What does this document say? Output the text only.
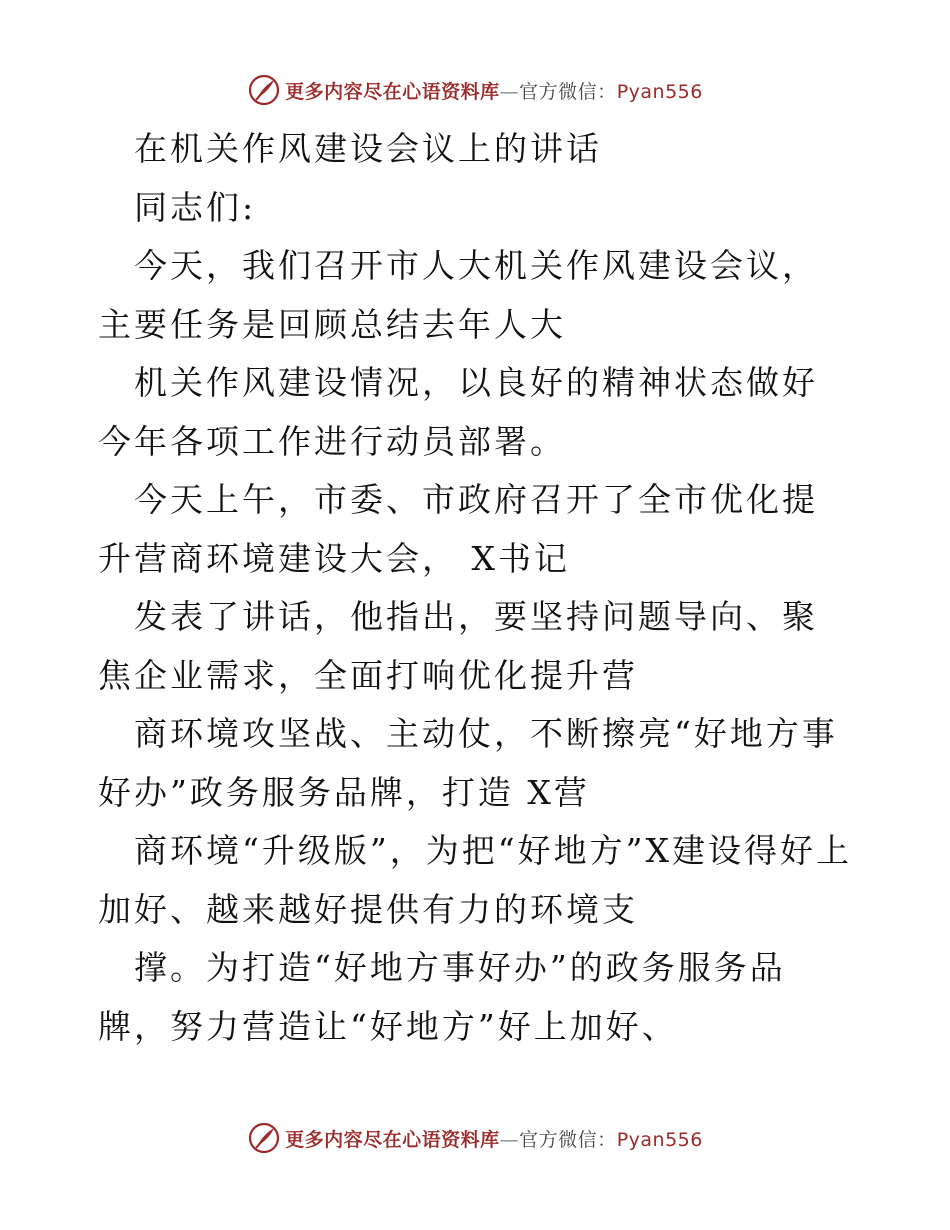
更多内容尽在心语资料库—官方微信：Pyan556

在机关作风建设会议上的讲话

同志们:

今天，我们召开市人大机关作风建设会议，主要任务是回顾总结去年人大

机关作风建设情况，以良好的精神状态做好今年各项工作进行动员部署。

今天上午，市委、市政府召开了全市优化提升营商环境建设大会， X书记

发表了讲话，他指出，要坚持问题导向、聚焦企业需求，全面打响优化提升营

商环境攻坚战、主动仗，不断擦亮“好地方事好办”政务服务品牌，打造 X营

商环境“升级版”，为把“好地方”X建设得好上加好、越来越好提供有力的环境支

撑。为打造“好地方事好办”的政务服务品牌，努力营造让“好地方”好上加好、

更多内容尽在心语资料库—官方微信：Pyan556
